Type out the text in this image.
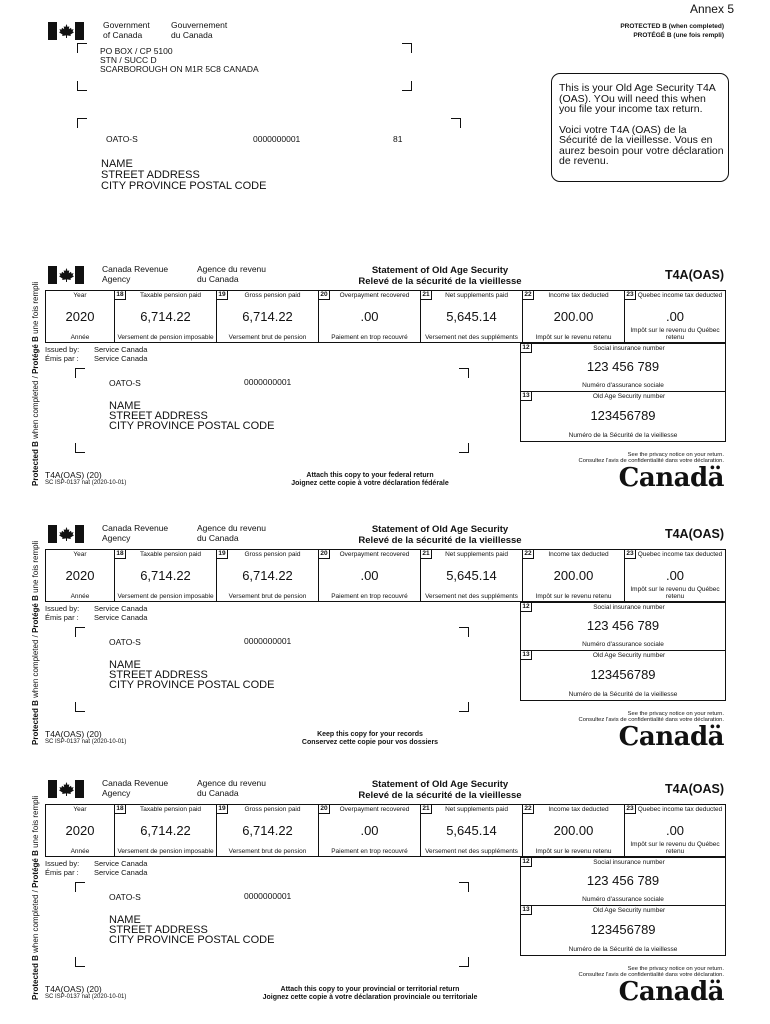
Annex 5
Government
of Canada
Gouvernement
du Canada
PROTECTED B (when completed)
PROTÉGÉ B (une fois rempli)
PO BOX / CP 5100
STN / SUCC D
SCARBOROUGH ON M1R 5C8 CANADA

This is your Old Age Security T4A (OAS). YOu will need this when you file your income tax return.

Voici votre T4A (OAS) de la Sécurité de la vieillesse. Vous en aurez besoin pour votre déclaration de revenu.

OATO-S	0000000001	81
NAME
STREET ADDRESS
CITY PROVINCE POSTAL CODE
Canada Revenue
Agency
Agence du revenu
du Canada
Statement of Old Age Security
Relevé de la sécurité de la vieillesse	T4A(OAS)
Protected B when completed / Protégé B une fois rempli	Year
2020
Année
18	Taxable pension paid
6,714.22
Versement de pension imposable
19	Gross pension paid
6,714.22
Versement brut de pension
20	Overpayment recovered
.00
Paiement en trop recouvré
21	Net supplements paid
5,645.14
Versement net des suppléments
22	Income tax deducted
200.00
Impôt sur le revenu retenu
23 Quebec income tax deducted
.00
Impôt sur le revenu du Québec retenu
Issued by: Service Canada
Émis par : Service Canada
OATO-S	0000000001
NAME
STREET ADDRESS
CITY PROVINCE POSTAL CODE
12	Social insurance number
123 456 789
Numéro d'assurance sociale
13	Old Age Security number
123456789
Numéro de la Sécurité de la vieillesse
See the privacy notice on your return.
Consultez l'avis de confidentialité dans votre déclaration.
T4A(OAS) (20)
SC ISP-0137 nat (2020-10-01)
Attach this copy to your federal return
Joignez cette copie à votre déclaration fédérale	Canadä
Canada Revenue
Agency
Agence du revenu
du Canada
Statement of Old Age Security
Relevé de la sécurité de la vieillesse	T4A(OAS)
Protected B when completed / Protégé B une fois rempli	Year
2020
Année
18	Taxable pension paid
6,714.22
Versement de pension imposable
19	Gross pension paid
6,714.22
Versement brut de pension
20	Overpayment recovered
.00
Paiement en trop recouvré
21	Net supplements paid
5,645.14
Versement net des suppléments
22	Income tax deducted
200.00
Impôt sur le revenu retenu
23 Quebec income tax deducted
.00
Impôt sur le revenu du Québec retenu
Issued by: Service Canada
Émis par : Service Canada
OATO-S	0000000001
NAME
STREET ADDRESS
CITY PROVINCE POSTAL CODE
12	Social insurance number
123 456 789
Numéro d'assurance sociale
13	Old Age Security number
123456789
Numéro de la Sécurité de la vieillesse
See the privacy notice on your return.
Consultez l'avis de confidentialité dans votre déclaration.
T4A(OAS) (20)
SC ISP-0137 nat (2020-10-01)
Keep this copy for your records
Conservez cette copie pour vos dossiers	Canadä
Canada Revenue
Agency
Agence du revenu
du Canada
Statement of Old Age Security
Relevé de la sécurité de la vieillesse	T4A(OAS)
Protected B when completed / Protégé B une fois rempli	Year
2020
Année
18	Taxable pension paid
6,714.22
Versement de pension imposable
19	Gross pension paid
6,714.22
Versement brut de pension
20	Overpayment recovered
.00
Paiement en trop recouvré
21	Net supplements paid
5,645.14
Versement net des suppléments
22	Income tax deducted
200.00
Impôt sur le revenu retenu
23 Quebec income tax deducted
.00
Impôt sur le revenu du Québec retenu
Issued by: Service Canada
Émis par : Service Canada
OATO-S	0000000001
NAME
STREET ADDRESS
CITY PROVINCE POSTAL CODE
12	Social insurance number
123 456 789
Numéro d'assurance sociale
13	Old Age Security number
123456789
Numéro de la Sécurité de la vieillesse
See the privacy notice on your return.
Consultez l'avis de confidentialité dans votre déclaration.
T4A(OAS) (20)
SC ISP-0137 nat (2020-10-01)
Attach this copy to your provincial or territorial return
Joignez cette copie à votre déclaration provinciale ou territoriale	Canadä
